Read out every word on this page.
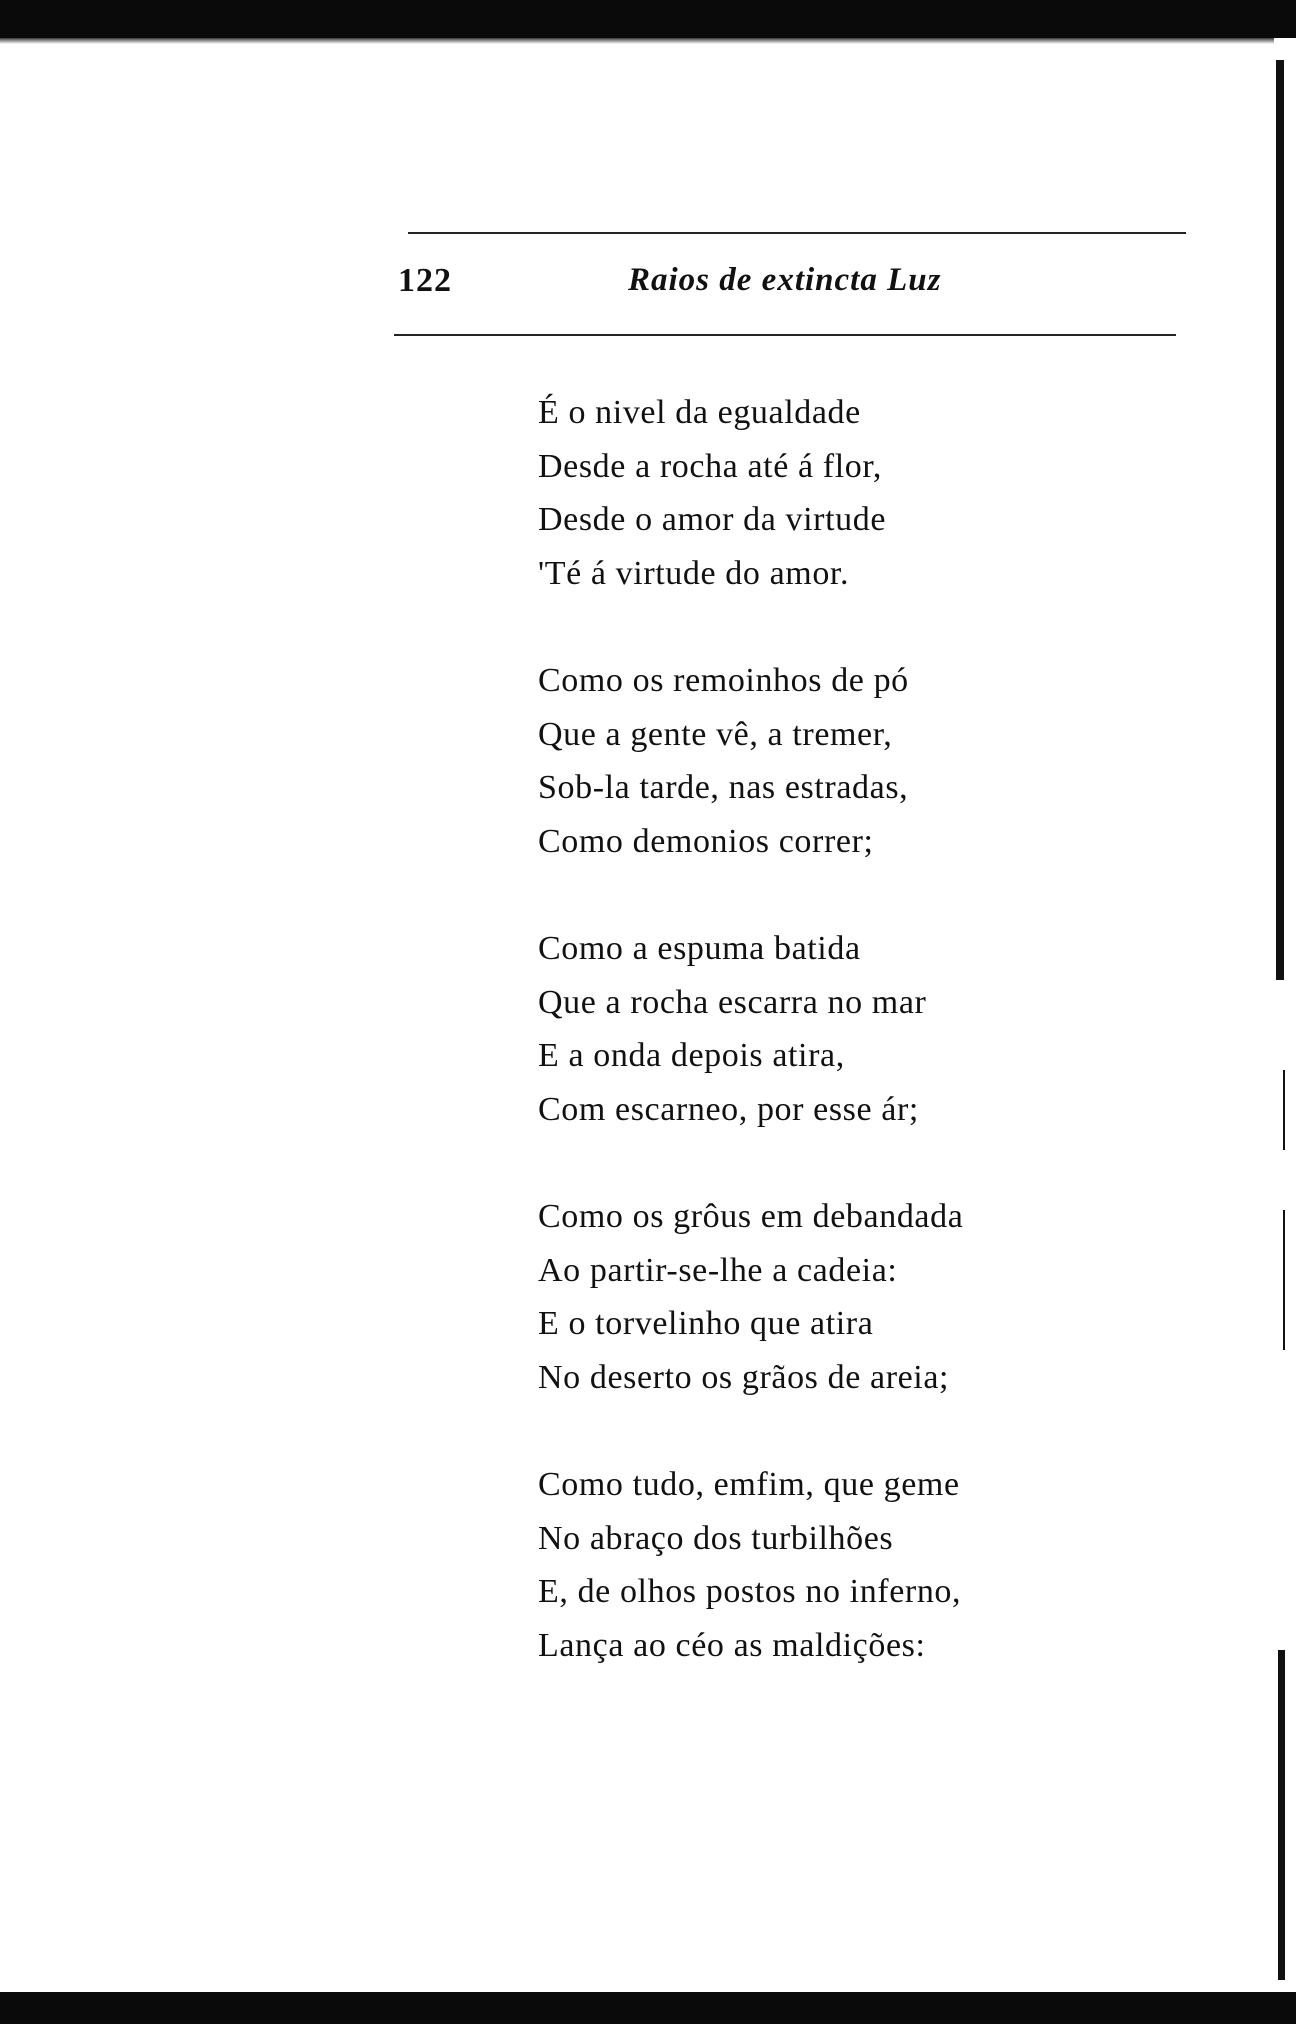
122	Raios de extincta Luz
É o nivel da egualdade
Desde a rocha até á flor,
Desde o amor da virtude
'Té á virtude do amor.
Como os remoinhos de pó
Que a gente vê, a tremer,
Sob-la tarde, nas estradas,
Como demonios correr;
Como a espuma batida
Que a rocha escarra no mar
E a onda depois atira,
Com escarneo, por esse ár;
Como os grôus em debandada
Ao partir-se-lhe a cadeia:
E o torvelinho que atira
No deserto os grãos de areia;
Como tudo, emfim, que geme
No abraço dos turbilhões
E, de olhos postos no inferno,
Lança ao céo as maldições:
